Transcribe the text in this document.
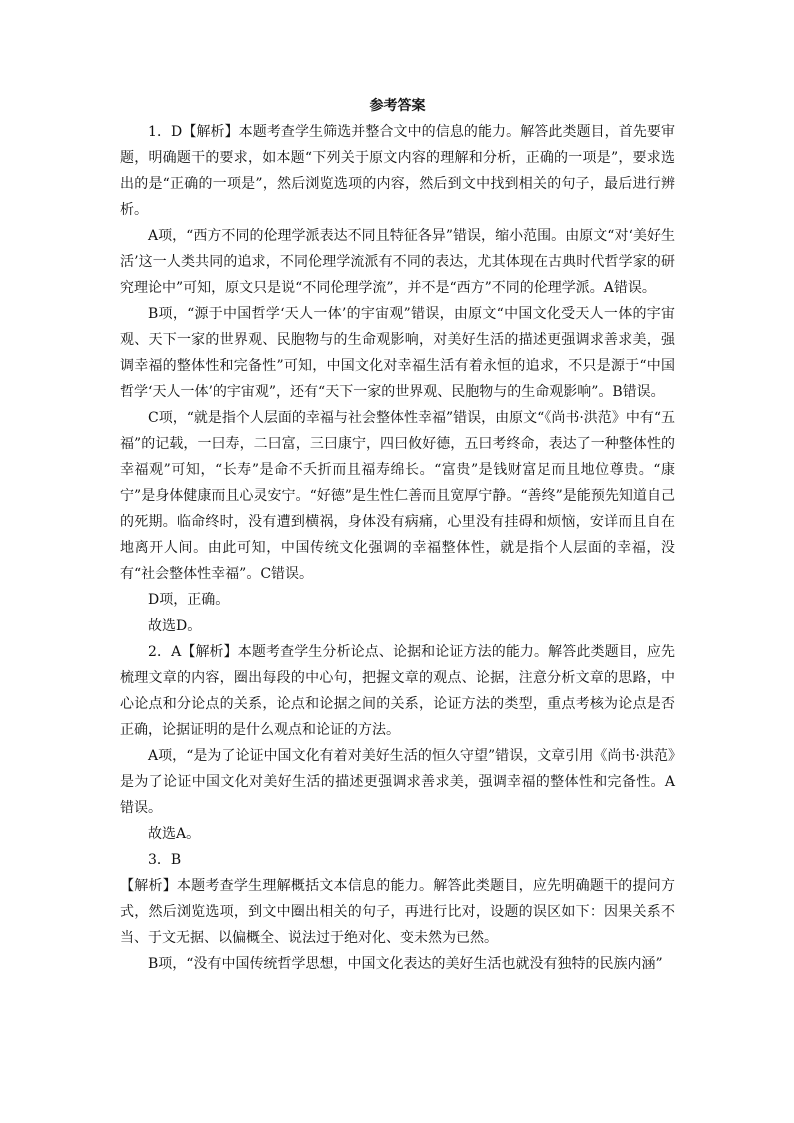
参考答案

1．D【解析】本题考查学生筛选并整合文中的信息的能力。解答此类题目，首先要审题，明确题干的要求，如本题“下列关于原文内容的理解和分析，正确的一项是”，要求选出的是“正确的一项是”，然后浏览选项的内容，然后到文中找到相关的句子，最后进行辨析。

A项，“西方不同的伦理学派表达不同且特征各异”错误，缩小范围。由原文“对‘美好生活’这一人类共同的追求，不同伦理学流派有不同的表达，尤其体现在古典时代哲学家的研究理论中”可知，原文只是说“不同伦理学流”，并不是“西方”不同的伦理学派。A错误。

B项，“源于中国哲学‘天人一体’的宇宙观”错误，由原文“中国文化受天人一体的宇宙观、天下一家的世界观、民胞物与的生命观影响，对美好生活的描述更强调求善求美，强调幸福的整体性和完备性”可知，中国文化对幸福生活有着永恒的追求，不只是源于“中国哲学‘天人一体’的宇宙观”，还有“天下一家的世界观、民胞物与的生命观影响”。B错误。

C项，“就是指个人层面的幸福与社会整体性幸福”错误，由原文“《尚书·洪范》中有“五福”的记载，一曰寿，二曰富，三曰康宁，四曰攸好德，五曰考终命，表达了一种整体性的幸福观”可知，“长寿”是命不夭折而且福寿绵长。“富贵”是钱财富足而且地位尊贵。“康宁”是身体健康而且心灵安宁。“好德”是生性仁善而且宽厚宁静。“善终”是能预先知道自己的死期。临命终时，没有遭到横祸，身体没有病痛，心里没有挂碍和烦恼，安详而且自在地离开人间。由此可知，中国传统文化强调的幸福整体性，就是指个人层面的幸福，没有“社会整体性幸福”。C错误。

D项，正确。

故选D。

2．A【解析】本题考查学生分析论点、论据和论证方法的能力。解答此类题目，应先梳理文章的内容，圈出每段的中心句，把握文章的观点、论据，注意分析文章的思路，中心论点和分论点的关系，论点和论据之间的关系，论证方法的类型，重点考核为论点是否正确，论据证明的是什么观点和论证的方法。

A项，“是为了论证中国文化有着对美好生活的恒久守望”错误，文章引用《尚书·洪范》是为了论证中国文化对美好生活的描述更强调求善求美，强调幸福的整体性和完备性。A错误。

故选A。

3．B

【解析】本题考查学生理解概括文本信息的能力。解答此类题目，应先明确题干的提问方式，然后浏览选项，到文中圈出相关的句子，再进行比对，设题的误区如下：因果关系不当、于文无据、以偏概全、说法过于绝对化、变未然为已然。

B项，“没有中国传统哲学思想，中国文化表达的美好生活也就没有独特的民族内涵”
